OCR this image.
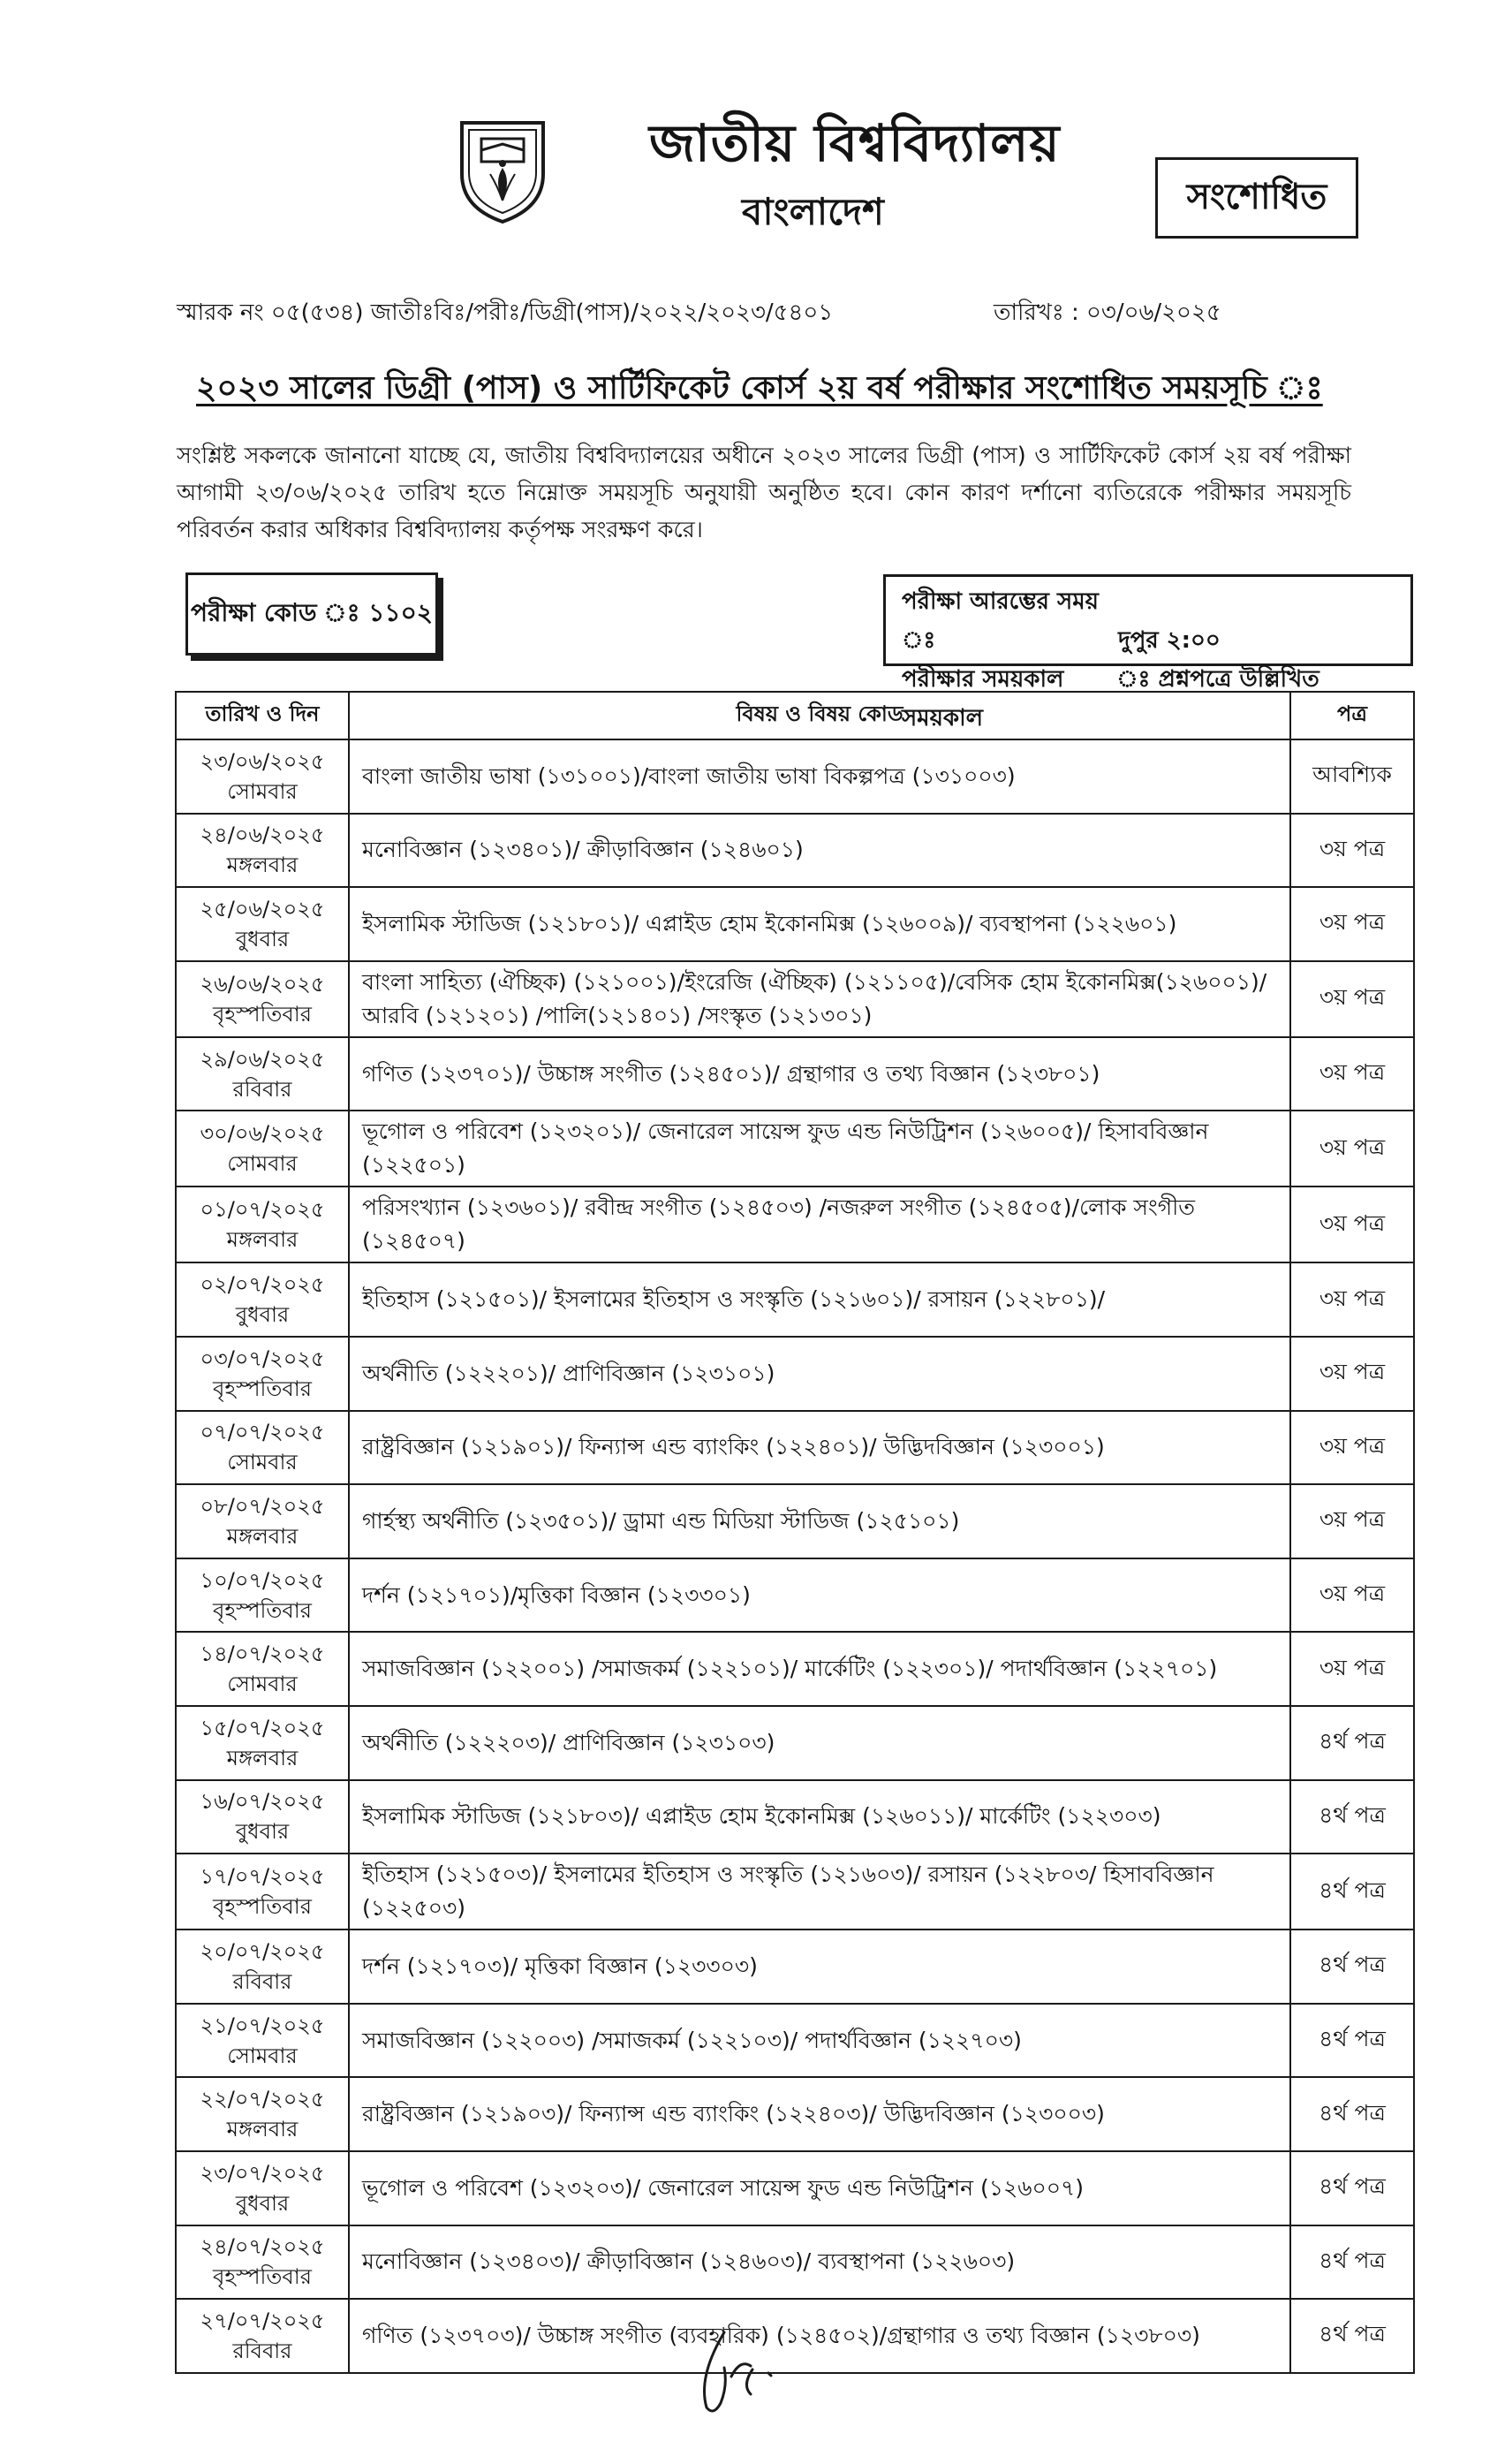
জাতীয় বিশ্ববিদ্যালয়
বাংলাদেশ	সংশোধিত
স্মারক নং ০৫(৫৩৪) জাতীঃবিঃ/পরীঃ/ডিগ্রী(পাস)/২০২২/২০২৩/৫৪০১	তারিখঃ : ০৩/০৬/২০২৫
২০২৩ সালের ডিগ্রী (পাস) ও সার্টিফিকেট কোর্স ২য় বর্ষ পরীক্ষার সংশোধিত সময়সূচি ঃ
সংশ্লিষ্ট সকলকে জানানো যাচ্ছে যে, জাতীয় বিশ্ববিদ্যালয়ের অধীনে ২০২৩ সালের ডিগ্রী (পাস) ও সার্টিফিকেট কোর্স ২য় বর্ষ পরীক্ষা আগামী ২৩/০৬/২০২৫ তারিখ হতে নিম্নোক্ত সময়সূচি অনুযায়ী অনুষ্ঠিত হবে। কোন কারণ দর্শানো ব্যতিরেকে পরীক্ষার সময়সূচি পরিবর্তন করার অধিকার বিশ্ববিদ্যালয় কর্তৃপক্ষ সংরক্ষণ করে।
পরীক্ষা কোড ঃ ১১০২	পরীক্ষা আরম্ভের সময় ঃ	দুপুর ২:০০
পরীক্ষার সময়কাল	ঃ প্রশ্নপত্রে উল্লিখিত সময়কাল
তারিখ ও দিন	বিষয় ও বিষয় কোড	পত্র

২৩/০৬/২০২৫
সোমবার	বাংলা জাতীয় ভাষা (১৩১০০১)/বাংলা জাতীয় ভাষা বিকল্পপত্র (১৩১০০৩)	আবশ্যিক

২৪/০৬/২০২৫
মঙ্গলবার	মনোবিজ্ঞান (১২৩৪০১)/ ক্রীড়াবিজ্ঞান (১২৪৬০১)	৩য় পত্র

২৫/০৬/২০২৫
বুধবার	ইসলামিক স্টাডিজ (১২১৮০১)/ এপ্লাইড হোম ইকোনমিক্স (১২৬০০৯)/ ব্যবস্থাপনা (১২২৬০১)	৩য় পত্র

২৬/০৬/২০২৫
বৃহস্পতিবার	বাংলা সাহিত্য (ঐচ্ছিক) (১২১০০১)/ইংরেজি (ঐচ্ছিক) (১২১১০৫)/বেসিক হোম ইকোনমিক্স(১২৬০০১)/ আরবি (১২১২০১) /পালি(১২১৪০১) /সংস্কৃত (১২১৩০১)	৩য় পত্র

২৯/০৬/২০২৫
রবিবার	গণিত (১২৩৭০১)/ উচ্চাঙ্গ সংগীত (১২৪৫০১)/ গ্রন্থাগার ও তথ্য বিজ্ঞান (১২৩৮০১)	৩য় পত্র

৩০/০৬/২০২৫
সোমবার	ভূগোল ও পরিবেশ (১২৩২০১)/ জেনারেল সায়েন্স ফুড এন্ড নিউট্রিশন (১২৬০০৫)/ হিসাববিজ্ঞান (১২২৫০১)	৩য় পত্র

০১/০৭/২০২৫
মঙ্গলবার	পরিসংখ্যান (১২৩৬০১)/ রবীন্দ্র সংগীত (১২৪৫০৩) /নজরুল সংগীত (১২৪৫০৫)/লোক সংগীত (১২৪৫০৭)	৩য় পত্র

০২/০৭/২০২৫
বুধবার	ইতিহাস (১২১৫০১)/ ইসলামের ইতিহাস ও সংস্কৃতি (১২১৬০১)/ রসায়ন (১২২৮০১)/	৩য় পত্র

০৩/০৭/২০২৫
বৃহস্পতিবার	অর্থনীতি (১২২২০১)/ প্রাণিবিজ্ঞান (১২৩১০১)	৩য় পত্র

০৭/০৭/২০২৫
সোমবার	রাষ্ট্রবিজ্ঞান (১২১৯০১)/ ফিন্যান্স এন্ড ব্যাংকিং (১২২৪০১)/ উদ্ভিদবিজ্ঞান (১২৩০০১)	৩য় পত্র

০৮/০৭/২০২৫
মঙ্গলবার	গার্হস্থ্য অর্থনীতি (১২৩৫০১)/ ড্রামা এন্ড মিডিয়া স্টাডিজ (১২৫১০১)	৩য় পত্র

১০/০৭/২০২৫
বৃহস্পতিবার	দর্শন (১২১৭০১)/মৃত্তিকা বিজ্ঞান (১২৩৩০১)	৩য় পত্র

১৪/০৭/২০২৫
সোমবার	সমাজবিজ্ঞান (১২২০০১) /সমাজকর্ম (১২২১০১)/ মার্কেটিং (১২২৩০১)/ পদার্থবিজ্ঞান (১২২৭০১)	৩য় পত্র

১৫/০৭/২০২৫
মঙ্গলবার	অর্থনীতি (১২২২০৩)/ প্রাণিবিজ্ঞান (১২৩১০৩)	৪র্থ পত্র

১৬/০৭/২০২৫
বুধবার	ইসলামিক স্টাডিজ (১২১৮০৩)/ এপ্লাইড হোম ইকোনমিক্স (১২৬০১১)/ মার্কেটিং (১২২৩০৩)	৪র্থ পত্র

১৭/০৭/২০২৫
বৃহস্পতিবার	ইতিহাস (১২১৫০৩)/ ইসলামের ইতিহাস ও সংস্কৃতি (১২১৬০৩)/ রসায়ন (১২২৮০৩/ হিসাববিজ্ঞান (১২২৫০৩)	৪র্থ পত্র

২০/০৭/২০২৫
রবিবার	দর্শন (১২১৭০৩)/ মৃত্তিকা বিজ্ঞান (১২৩৩০৩)	৪র্থ পত্র

২১/০৭/২০২৫
সোমবার	সমাজবিজ্ঞান (১২২০০৩) /সমাজকর্ম (১২২১০৩)/ পদার্থবিজ্ঞান (১২২৭০৩)	৪র্থ পত্র

২২/০৭/২০২৫
মঙ্গলবার	রাষ্ট্রবিজ্ঞান (১২১৯০৩)/ ফিন্যান্স এন্ড ব্যাংকিং (১২২৪০৩)/ উদ্ভিদবিজ্ঞান (১২৩০০৩)	৪র্থ পত্র

২৩/০৭/২০২৫
বুধবার	ভূগোল ও পরিবেশ (১২৩২০৩)/ জেনারেল সায়েন্স ফুড এন্ড নিউট্রিশন (১২৬০০৭)	৪র্থ পত্র

২৪/০৭/২০২৫
বৃহস্পতিবার	মনোবিজ্ঞান (১২৩৪০৩)/ ক্রীড়াবিজ্ঞান (১২৪৬০৩)/ ব্যবস্থাপনা (১২২৬০৩)	৪র্থ পত্র

২৭/০৭/২০২৫
রবিবার	গণিত (১২৩৭০৩)/ উচ্চাঙ্গ সংগীত (ব্যবহারিক) (১২৪৫০২)/গ্রন্থাগার ও তথ্য বিজ্ঞান (১২৩৮০৩)	৪র্থ পত্র
